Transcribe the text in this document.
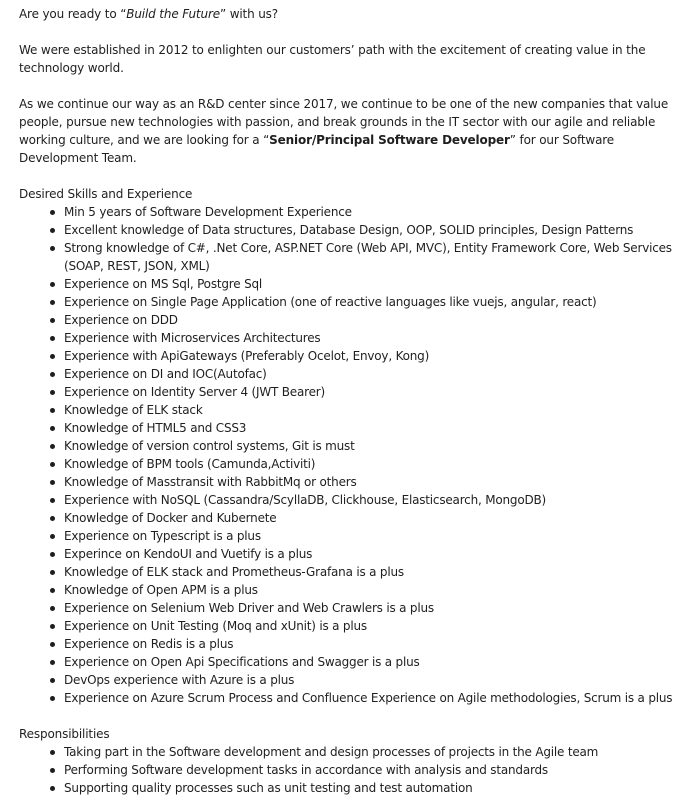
Are you ready to “Build the Future” with us?

We were established in 2012 to enlighten our customers’ path with the excitement of creating value in the technology world.

As we continue our way as an R&D center since 2017, we continue to be one of the new companies that value people, pursue new technologies with passion, and break grounds in the IT sector with our agile and reliable working culture, and we are looking for a “Senior/Principal Software Developer” for our Software Development Team.

Desired Skills and Experience

Min 5 years of Software Development Experience
Excellent knowledge of Data structures, Database Design, OOP, SOLID principles, Design Patterns
Strong knowledge of C#, .Net Core, ASP.NET Core (Web API, MVC), Entity Framework Core, Web Services (SOAP, REST, JSON, XML)
Experience on MS Sql, Postgre Sql
Experience on Single Page Application (one of reactive languages like vuejs, angular, react)
Experience on DDD
Experience with Microservices Architectures
Experience with ApiGateways (Preferably Ocelot, Envoy, Kong)
Experience on DI and IOC(Autofac)
Experience on Identity Server 4 (JWT Bearer)
Knowledge of ELK stack
Knowledge of HTML5 and CSS3
Knowledge of version control systems, Git is must
Knowledge of BPM tools (Camunda,Activiti)
Knowledge of Masstransit with RabbitMq or others
Experience with NoSQL (Cassandra/ScyllaDB, Clickhouse, Elasticsearch, MongoDB)
Knowledge of Docker and Kubernete
Experience on Typescript is a plus
Experince on KendoUI and Vuetify is a plus
Knowledge of ELK stack and Prometheus-Grafana is a plus
Knowledge of Open APM is a plus
Experience on Selenium Web Driver and Web Crawlers is a plus
Experience on Unit Testing (Moq and xUnit) is a plus
Experience on Redis is a plus
Experience on Open Api Specifications and Swagger is a plus
DevOps experience with Azure is a plus
Experience on Azure Scrum Process and Confluence Experience on Agile methodologies, Scrum is a plus

Responsibilities

Taking part in the Software development and design processes of projects in the Agile team
Performing Software development tasks in accordance with analysis and standards
Supporting quality processes such as unit testing and test automation
